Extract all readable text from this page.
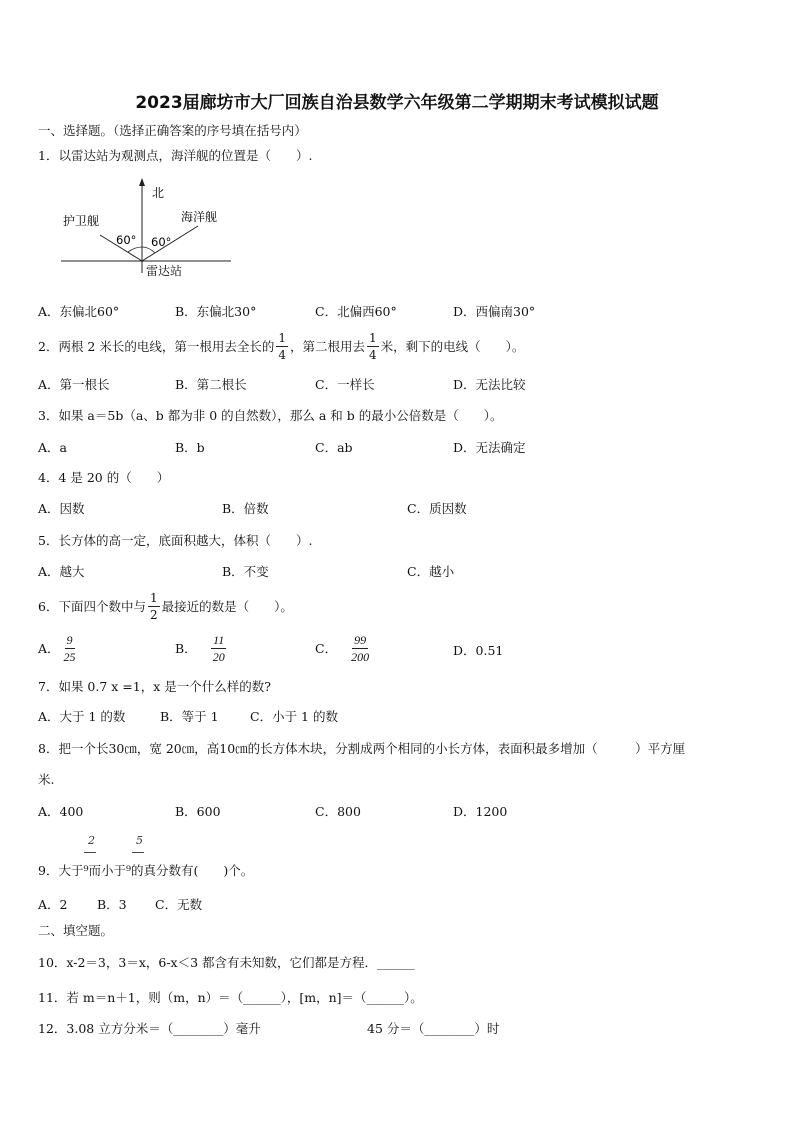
2023届廊坊市大厂回族自治县数学六年级第二学期期末考试模拟试题
一、选择题。（选择正确答案的序号填在括号内）
1．以雷达站为观测点，海洋舰的位置是（　　）.
北
护卫舰	海洋舰
60° 60°
雷达站
A．东偏北60°	B．东偏北30°	C．北偏西60°	D．西偏南30°
2．两根 2 米长的电线，第一根用去全长的 $\frac{1}{4}$ ，第二根用去 $\frac{1}{4}$ 米，剩下的电线（　　）。
A．第一根长	B．第二根长	C．一样长	D．无法比较
3．如果 a＝5b（a、b 都为非 0 的自然数），那么 a 和 b 的最小公倍数是（　　）。
A．a	B．b	C．ab	D．无法确定
4．4 是 20 的（　　）
A．因数	B．倍数	C．质因数
5．长方体的高一定，底面积越大，体积（　　）.
A．越大	B．不变	C．越小
6．下面四个数中与 $\frac{1}{2}$ 最接近的数是（　　）。
A． $\frac{9}{25}$	B． $\frac{11}{20}$	C． $\frac{99}{200}$	D．0.51
7．如果 0.7 x =1，x 是一个什么样的数?
A．大于 1 的数	B．等于 1	C．小于 1 的数
8．把一个长30㎝，宽 20㎝，高10㎝的长方体木块，分割成两个相同的小长方体，表面积最多增加（　　　）平方厘
米.
A．400	B．600	C．800	D．1200
2	5
9．大于⁹而小于⁹的真分数有(　　)个。
A．2 B．3 C．无数
二、填空题。
10．x-2＝3，3＝x，6-x＜3 都含有未知数，它们都是方程．______
11．若 m＝n＋1，则（m，n）＝（______），[m，n]＝（______）。
12．3.08 立方分米＝（________）毫升	45 分＝（________）时
